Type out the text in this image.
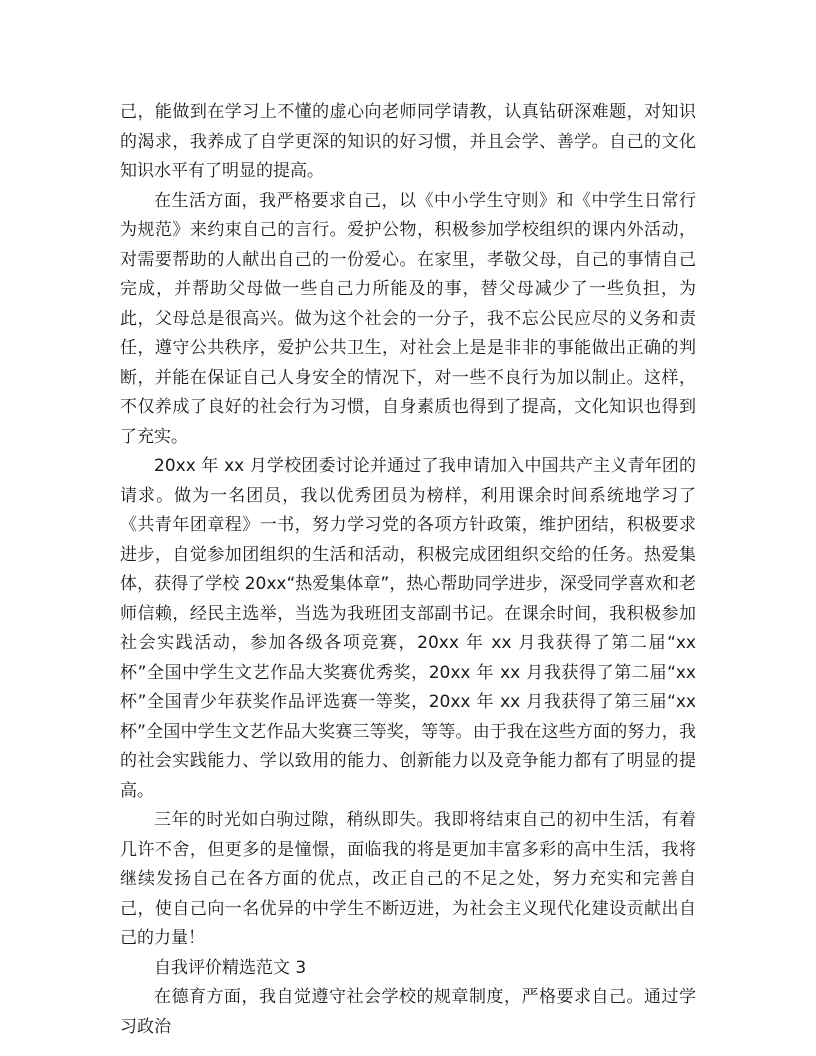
己，能做到在学习上不懂的虚心向老师同学请教，认真钻研深难题，对知识的渴求，我养成了自学更深的知识的好习惯，并且会学、善学。自己的文化知识水平有了明显的提高。

在生活方面，我严格要求自己，以《中小学生守则》和《中学生日常行为规范》来约束自己的言行。爱护公物，积极参加学校组织的课内外活动，对需要帮助的人献出自己的一份爱心。在家里，孝敬父母，自己的事情自己完成，并帮助父母做一些自己力所能及的事，替父母减少了一些负担，为此，父母总是很高兴。做为这个社会的一分子，我不忘公民应尽的义务和责任，遵守公共秩序，爱护公共卫生，对社会上是是非非的事能做出正确的判断，并能在保证自己人身安全的情况下，对一些不良行为加以制止。这样，不仅养成了良好的社会行为习惯，自身素质也得到了提高，文化知识也得到了充实。

20xx 年 xx 月学校团委讨论并通过了我申请加入中国共产主义青年团的请求。做为一名团员，我以优秀团员为榜样，利用课余时间系统地学习了《共青年团章程》一书，努力学习党的各项方针政策，维护团结，积极要求进步，自觉参加团组织的生活和活动，积极完成团组织交给的任务。热爱集体，获得了学校 20xx“热爱集体章”，热心帮助同学进步，深受同学喜欢和老师信赖，经民主选举，当选为我班团支部副书记。在课余时间，我积极参加社会实践活动，参加各级各项竞赛，20xx 年 xx 月我获得了第二届“xx 杯”全国中学生文艺作品大奖赛优秀奖，20xx 年 xx 月我获得了第二届“xx 杯”全国青少年获奖作品评选赛一等奖，20xx 年 xx 月我获得了第三届“xx 杯”全国中学生文艺作品大奖赛三等奖，等等。由于我在这些方面的努力，我的社会实践能力、学以致用的能力、创新能力以及竞争能力都有了明显的提高。

三年的时光如白驹过隙，稍纵即失。我即将结束自己的初中生活，有着几许不舍，但更多的是憧憬，面临我的将是更加丰富多彩的高中生活，我将继续发扬自己在各方面的优点，改正自己的不足之处，努力充实和完善自己，使自己向一名优异的中学生不断迈进，为社会主义现代化建设贡献出自己的力量！

自我评价精选范文 3

在德育方面，我自觉遵守社会学校的规章制度，严格要求自己。通过学习政治
